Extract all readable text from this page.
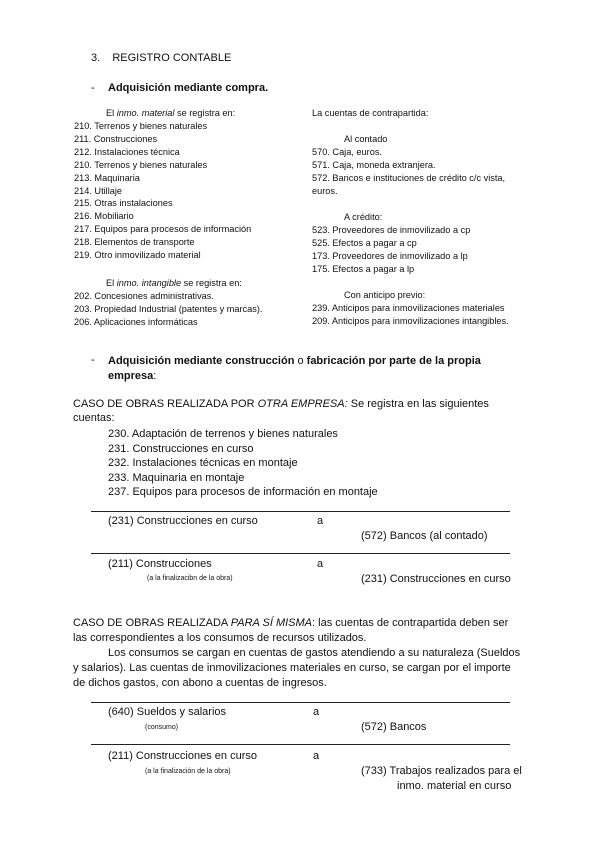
3. REGISTRO CONTABLE
- Adquisición mediante compra.
El inmo. material se registra en:
210. Terrenos y bienes naturales
211. Construcciones
212. Instalaciones técnica
210. Terrenos y bienes naturales
213. Maquinaria
214. Utillaje
215. Otras instalaciones
216. Mobiliario
217. Equipos para procesos de información
218. Elementos de transporte
219. Otro inmovilizado material
El inmo. intangible se registra en:
202. Concesiones administrativas.
203. Propiedad Industrial (patentes y marcas).
206. Aplicaciones informáticas
La cuentas de contrapartida:
Al contado
570. Caja, euros.
571. Caja, moneda extranjera.
572. Bancos e instituciones de crédito c/c vista,
euros.
A crédito:
523. Proveedores de inmovilizado a cp
525. Efectos a pagar a cp
173. Proveedores de inmovilizado a lp
175. Efectos a pagar a lp
Con anticipo previo:
239. Anticipos para inmovilizaciones materiales
209. Anticipos para inmovilizaciones intangibles.
- Adquisición mediante construcción o fabricación por parte de la propia
empresa:
CASO DE OBRAS REALIZADA POR OTRA EMPRESA: Se registra en las siguientes
cuentas:
230. Adaptación de terrenos y bienes naturales
231. Construcciones en curso
232. Instalaciones técnicas en montaje
233. Maquinaria en montaje
237. Equipos para procesos de información en montaje
(231) Construcciones en curso	a
(572) Bancos (al contado)
(211) Construcciones
(a la finalizacibn de la obra)
a
(231) Construcciones en curso
CASO DE OBRAS REALIZADA PARA SÍ MISMA: las cuentas de contrapartida deben ser
las correspondientes a los consumos de recursos utilizados.
Los consumos se cargan en cuentas de gastos atendiendo a su naturaleza (Sueldos
y salarios). Las cuentas de inmovilizaciones materiales en curso, se cargan por el importe
de dichos gastos, con abono a cuentas de ingresos.
(640) Sueldos y salarios
(consumo)
a
(572) Bancos
(211) Construcciones en curso
(a la finalización de la obra)
a
(733) Trabajos realizados para el
inmo. material en curso
